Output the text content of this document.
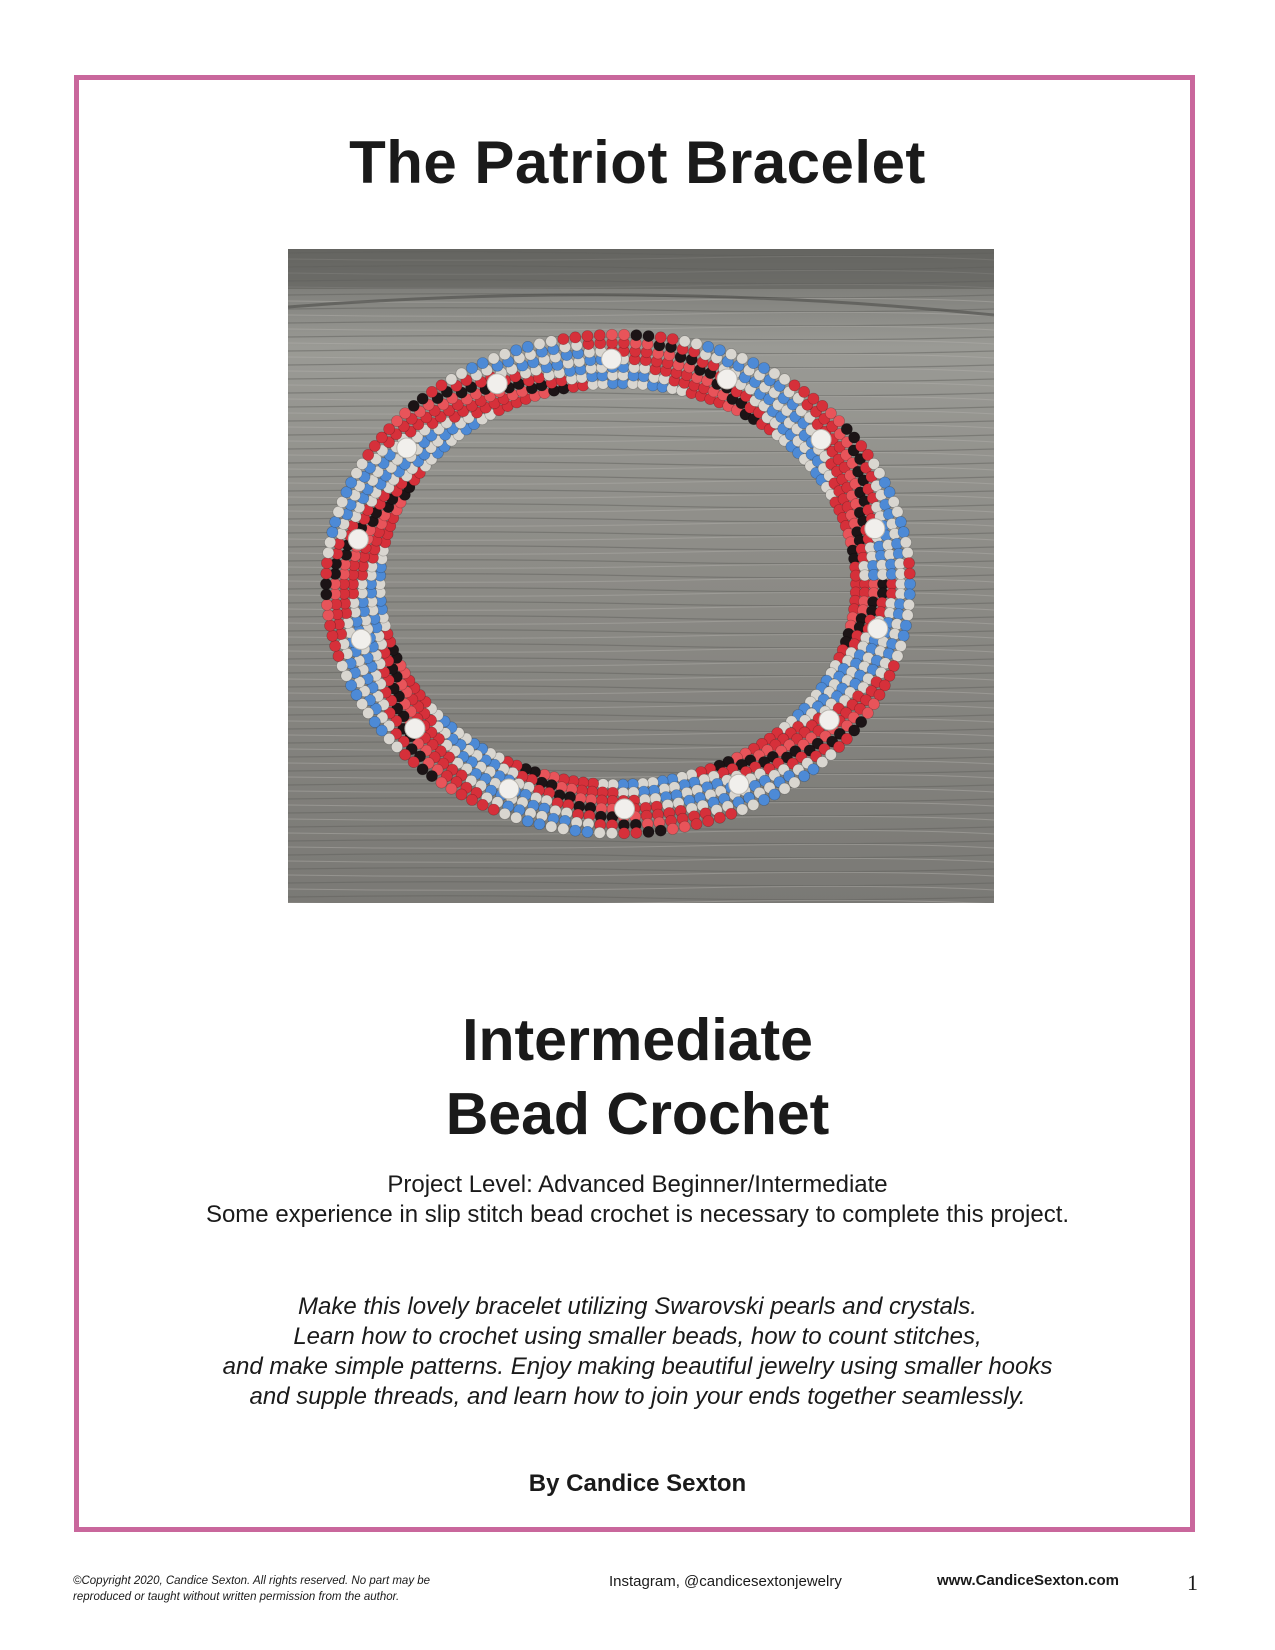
The Patriot Bracelet
Intermediate
Bead Crochet
Project Level: Advanced Beginner/Intermediate
Some experience in slip stitch bead crochet is necessary to complete this project.
Make this lovely bracelet utilizing Swarovski pearls and crystals.
Learn how to crochet using smaller beads, how to count stitches,
and make simple patterns. Enjoy making beautiful jewelry using smaller hooks
and supple threads, and learn how to join your ends together seamlessly.
By Candice Sexton
©Copyright 2020, Candice Sexton. All rights reserved. No part may be
reproduced or taught without written permission from the author.
Instagram, @candicesextonjewelry	www.CandiceSexton.com	1
